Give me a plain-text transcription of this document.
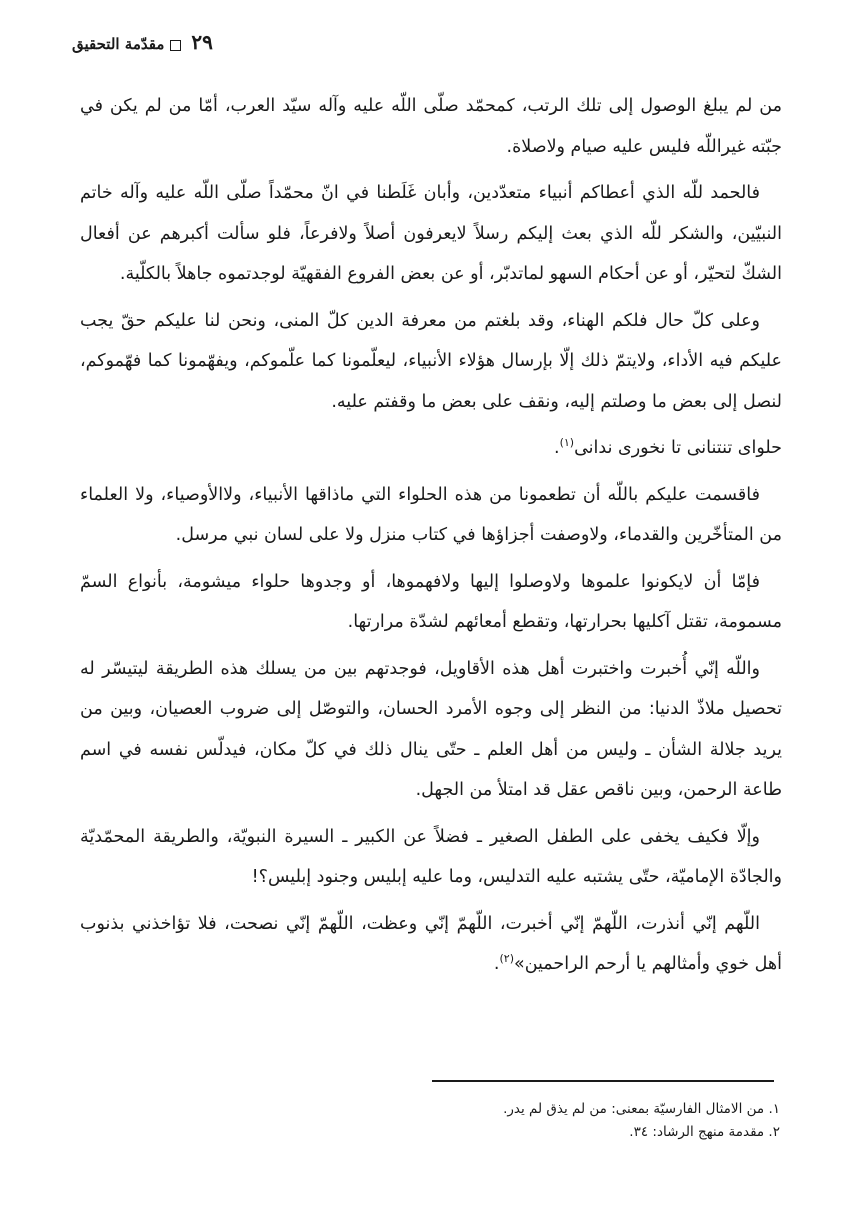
٢٩مقدّمة التحقيق

من لم يبلغ الوصول إلى تلك الرتب، كمحمّد صلّى اللّه عليه وآله سيّد العرب، أمّا من لم يكن في جبّته غيراللّه فليس عليه صيام ولاصلاة.

فالحمد للّه الذي أعطاكم أنبياء متعدّدين، وأبان غَلَطنا في انّ محمّداً صلّى اللّه عليه وآله خاتم النبيّين، والشكر للّه الذي بعث إليكم رسلاً لايعرفون أصلاً ولافرعاً، فلو سألت أكبرهم عن أفعال الشكّ لتحيّر، أو عن أحكام السهو لماتدبّر، أو عن بعض الفروع الفقهيّة لوجدتموه جاهلاً بالكلّية.

وعلى كلّ حال فلكم الهناء، وقد بلغتم من معرفة الدين كلّ المنى، ونحن لنا عليكم حقّ يجب عليكم فيه الأداء، ولايتمّ ذلك إلّا بإرسال هؤلاء الأنبياء، ليعلّمونا كما علّموكم، ويفهّمونا كما فهّموكم، لنصل إلى بعض ما وصلتم إليه، ونقف على بعض ما وقفتم عليه.

حلواى تنتنانى تا نخورى ندانى$^{(١)}$.

فاقسمت عليكم باللّه أن تطعمونا من هذه الحلواء التي ماذاقها الأنبياء، ولاالأوصياء، ولا العلماء من المتأخّرين والقدماء، ولاوصفت أجزاؤها في كتاب منزل ولا على لسان نبي مرسل.

فإمّا أن لايكونوا علموها ولاوصلوا إليها ولافهموها، أو وجدوها حلواء ميشومة، بأنواع السمّ مسمومة، تقتل آكليها بحرارتها، وتقطع أمعائهم لشدّة مرارتها.

واللّه إنّي أُخبرت واختبرت أهل هذه الأقاويل، فوجدتهم بين من يسلك هذه الطريقة ليتيسّر له تحصيل ملاذّ الدنيا: من النظر إلى وجوه الأمرد الحسان، والتوصّل إلى ضروب العصيان، وبين من يريد جلالة الشأن ـ وليس من أهل العلم ـ حتّى ينال ذلك في كلّ مكان، فيدلّس نفسه في اسم طاعة الرحمن، وبين ناقص عقل قد امتلأ من الجهل.

وإلّا فكيف يخفى على الطفل الصغير ـ فضلاً عن الكبير ـ السيرة النبويّة، والطريقة المحمّديّة والجادّة الإماميّة، حتّى يشتبه عليه التدليس، وما عليه إبليس وجنود إبليس؟!

اللّهم إنّي أنذرت، اللّهمّ إنّي أخبرت، اللّهمّ إنّي وعظت، اللّهمّ إنّي نصحت، فلا تؤاخذني بذنوب أهل خوي وأمثالهم يا أرحم الراحمين»$^{(٢)}$.

١. من الامثال الفارسيّة بمعنى: من لم يذق لم يدر.
٢. مقدمة منهج الرشاد: ٣٤.
